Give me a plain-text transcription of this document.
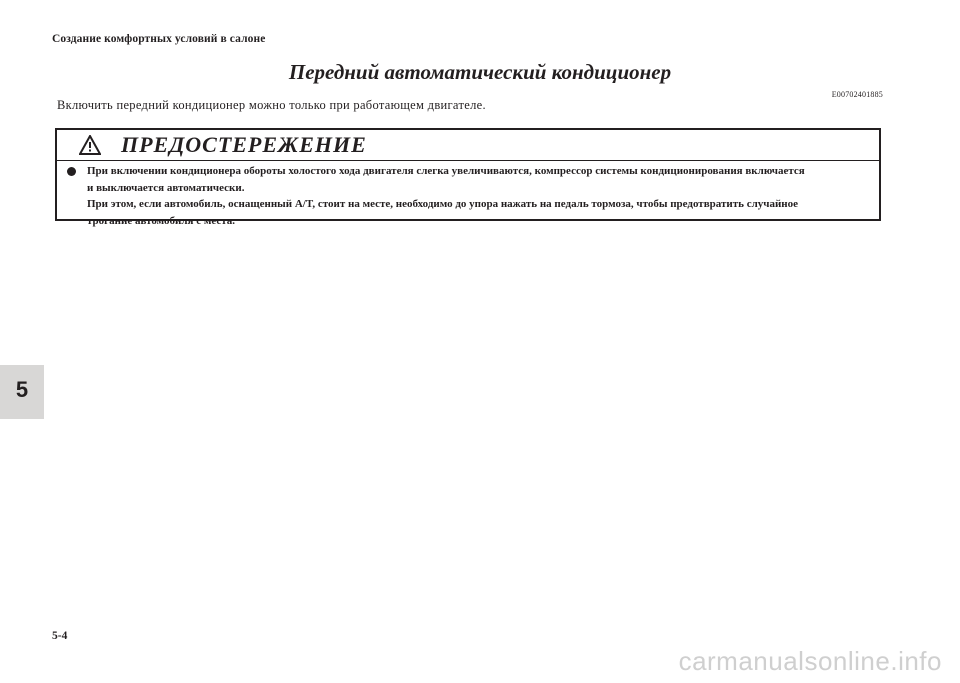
Создание комфортных условий в салоне
Передний автоматический кондиционер
E00702401885
Включить передний кондиционер можно только при работающем двигателе.
ПРЕДОСТЕРЕЖЕНИЕ

При включении кондиционера обороты холостого хода двигателя слегка увеличиваются, компрессор системы кондиционирования включается

и выключается автоматически.

При этом, если автомобиль, оснащенный A/T, стоит на месте, необходимо до упора нажать на педаль тормоза, чтобы предотвратить случайное

трогание автомобиля с места.

5
5-4
carmanualsonline.info
